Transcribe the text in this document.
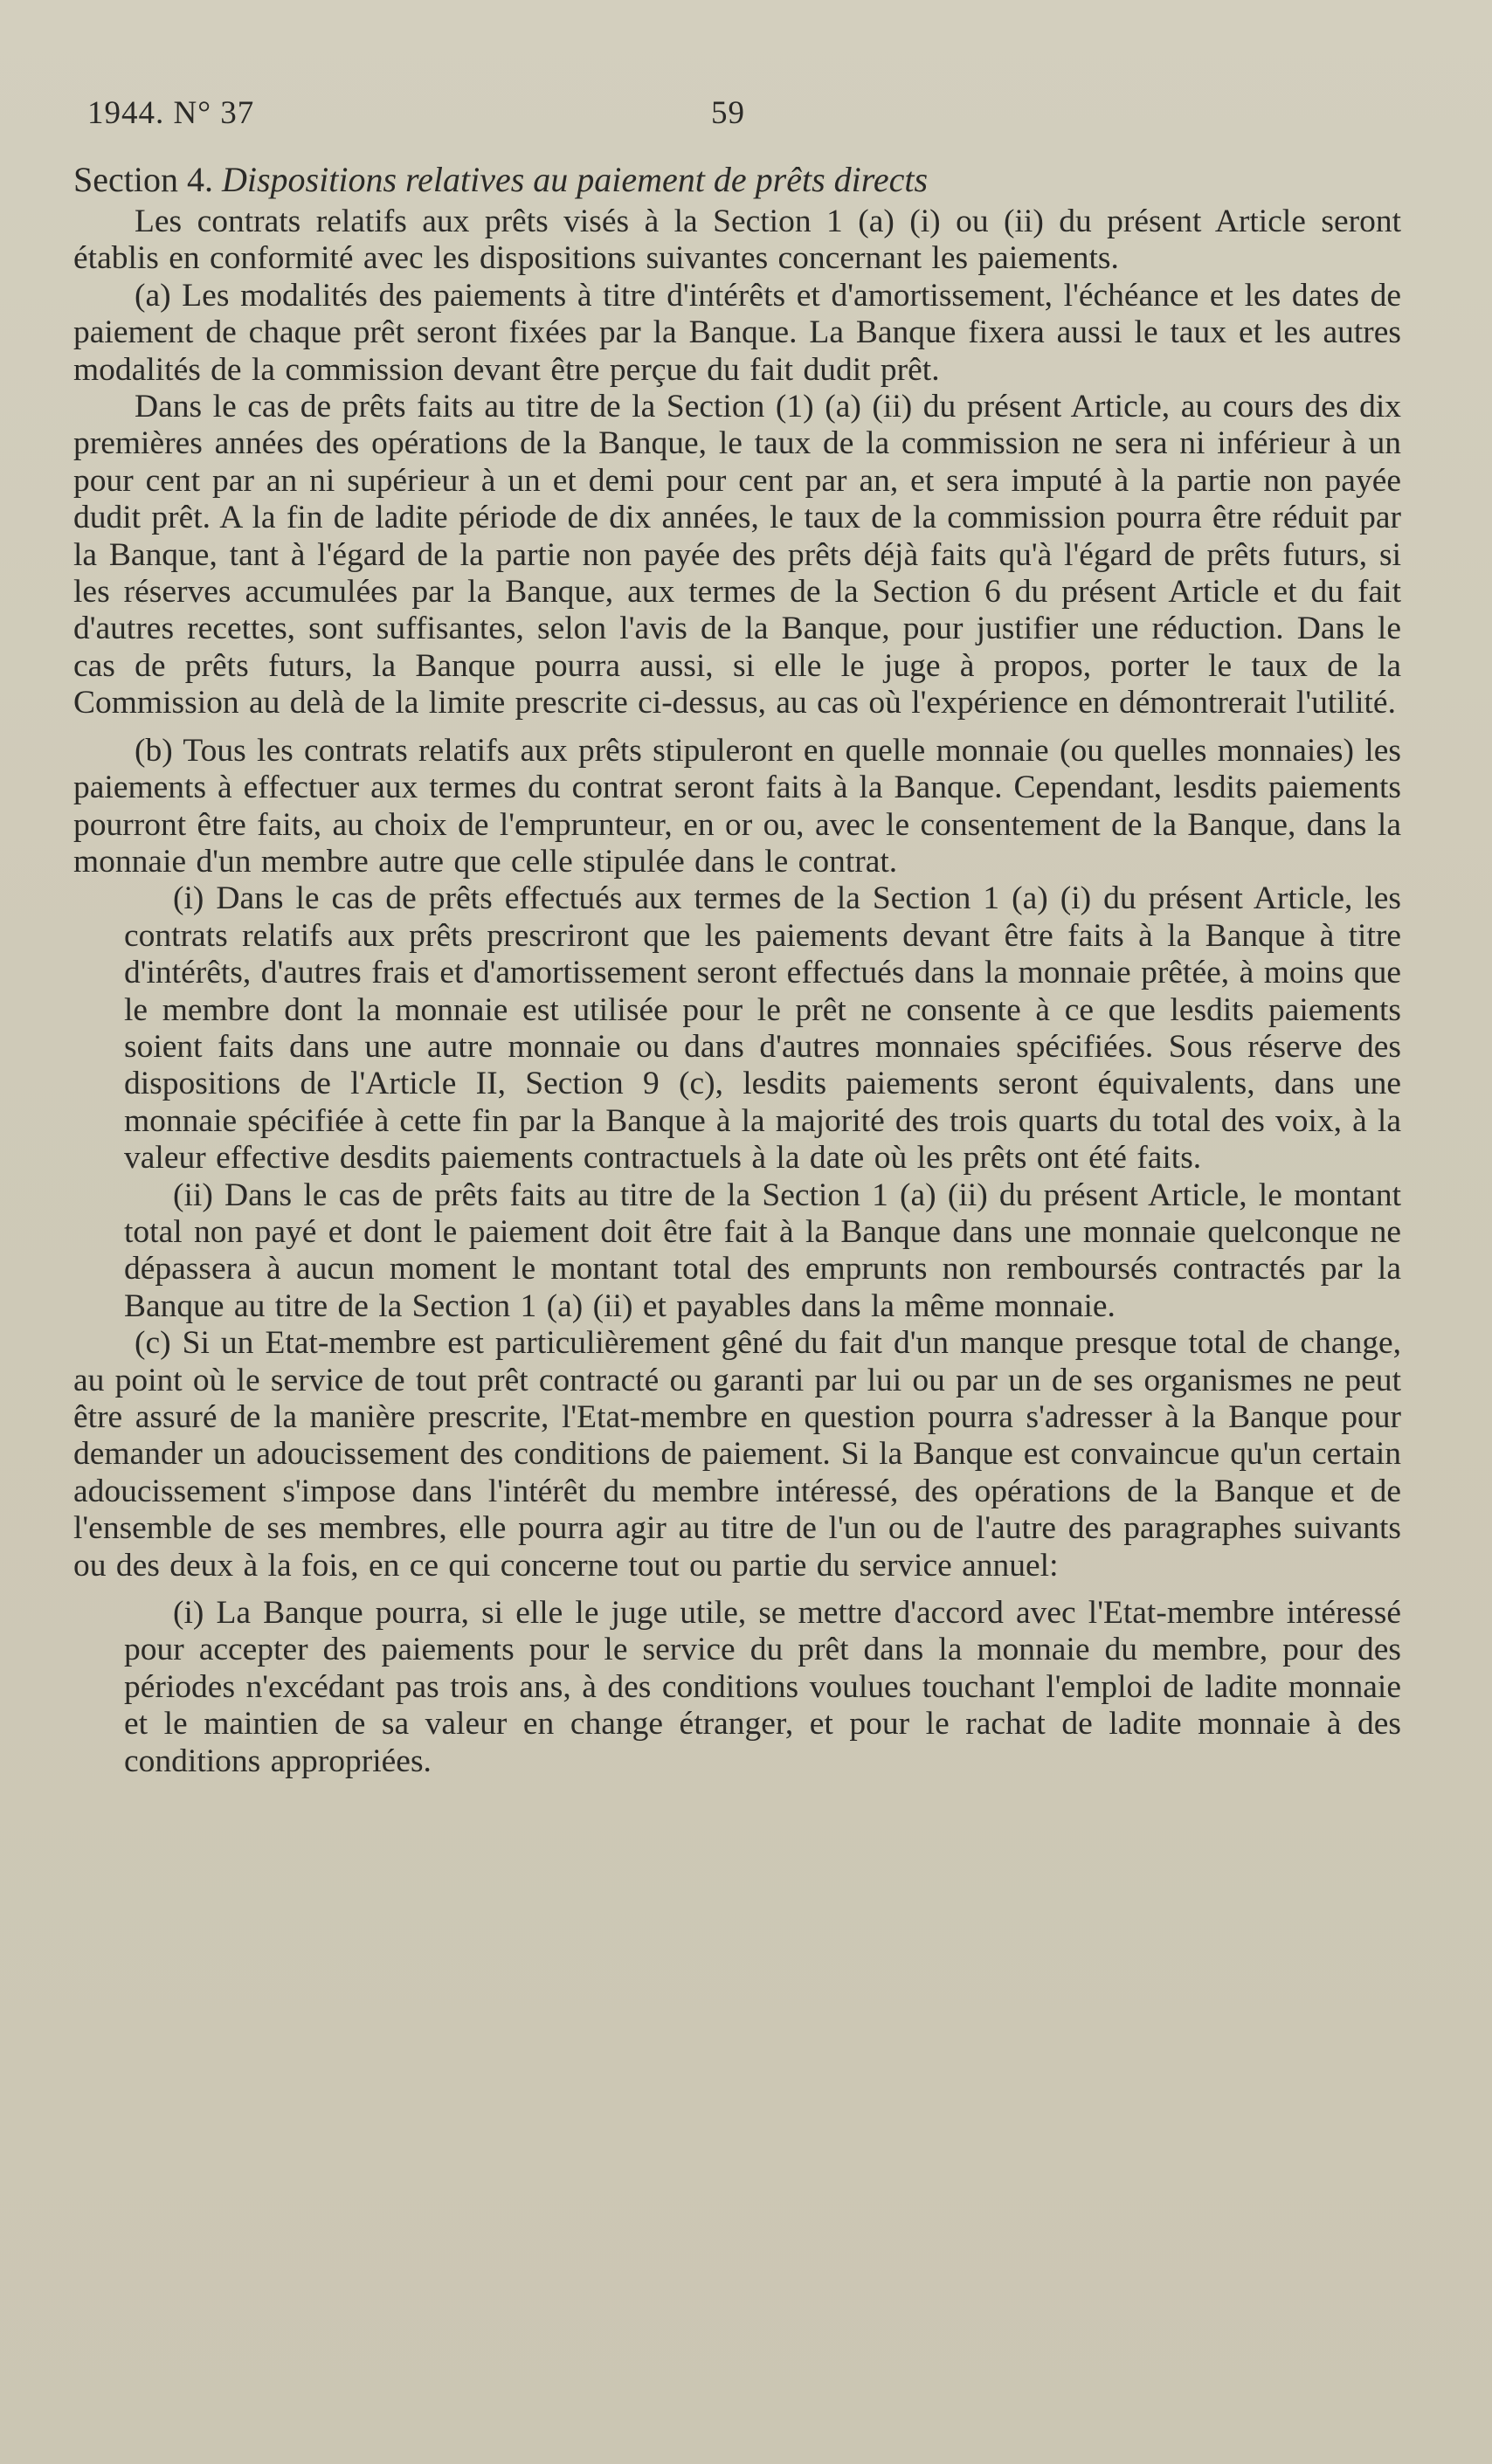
1944. N° 37	59
Section 4. Dispositions relatives au paiement de prêts directs

Les contrats relatifs aux prêts visés à la Section 1 (a) (i) ou (ii) du présent Article seront établis en conformité avec les dispositions suivantes concernant les paiements.

(a) Les modalités des paiements à titre d'intérêts et d'amortissement, l'échéance et les dates de paiement de chaque prêt seront fixées par la Banque. La Banque fixera aussi le taux et les autres modalités de la commission devant être perçue du fait dudit prêt.

Dans le cas de prêts faits au titre de la Section (1) (a) (ii) du présent Article, au cours des dix premières années des opérations de la Banque, le taux de la commission ne sera ni inférieur à un pour cent par an ni supérieur à un et demi pour cent par an, et sera imputé à la partie non payée dudit prêt. A la fin de ladite période de dix années, le taux de la commission pourra être réduit par la Banque, tant à l'égard de la partie non payée des prêts déjà faits qu'à l'égard de prêts futurs, si les réserves accumulées par la Banque, aux termes de la Section 6 du présent Article et du fait d'autres recettes, sont suffisantes, selon l'avis de la Banque, pour justifier une réduction. Dans le cas de prêts futurs, la Banque pourra aussi, si elle le juge à propos, porter le taux de la Commission au delà de la limite prescrite ci-dessus, au cas où l'expérience en démontrerait l'utilité.

(b) Tous les contrats relatifs aux prêts stipuleront en quelle monnaie (ou quelles monnaies) les paiements à effectuer aux termes du contrat seront faits à la Banque. Cependant, lesdits paiements pourront être faits, au choix de l'emprunteur, en or ou, avec le consentement de la Banque, dans la monnaie d'un membre autre que celle stipulée dans le contrat.

(i) Dans le cas de prêts effectués aux termes de la Section 1 (a) (i) du présent Article, les contrats relatifs aux prêts prescriront que les paiements devant être faits à la Banque à titre d'intérêts, d'autres frais et d'amortissement seront effectués dans la monnaie prêtée, à moins que le membre dont la monnaie est utilisée pour le prêt ne consente à ce que lesdits paiements soient faits dans une autre monnaie ou dans d'autres monnaies spécifiées. Sous réserve des dispositions de l'Article II, Section 9 (c), lesdits paiements seront équivalents, dans une monnaie spécifiée à cette fin par la Banque à la majorité des trois quarts du total des voix, à la valeur effective desdits paiements contractuels à la date où les prêts ont été faits.

(ii) Dans le cas de prêts faits au titre de la Section 1 (a) (ii) du présent Article, le montant total non payé et dont le paiement doit être fait à la Banque dans une monnaie quelconque ne dépassera à aucun moment le montant total des emprunts non remboursés contractés par la Banque au titre de la Section 1 (a) (ii) et payables dans la même monnaie.

(c) Si un Etat-membre est particulièrement gêné du fait d'un manque presque total de change, au point où le service de tout prêt contracté ou garanti par lui ou par un de ses organismes ne peut être assuré de la manière prescrite, l'Etat-membre en question pourra s'adresser à la Banque pour demander un adoucissement des conditions de paiement. Si la Banque est convaincue qu'un certain adoucissement s'impose dans l'intérêt du membre intéressé, des opérations de la Banque et de l'ensemble de ses membres, elle pourra agir au titre de l'un ou de l'autre des paragraphes suivants ou des deux à la fois, en ce qui concerne tout ou partie du service annuel:

(i) La Banque pourra, si elle le juge utile, se mettre d'accord avec l'Etat-membre intéressé pour accepter des paiements pour le service du prêt dans la monnaie du membre, pour des périodes n'excédant pas trois ans, à des conditions voulues touchant l'emploi de ladite monnaie et le maintien de sa valeur en change étranger, et pour le rachat de ladite monnaie à des conditions appropriées.
